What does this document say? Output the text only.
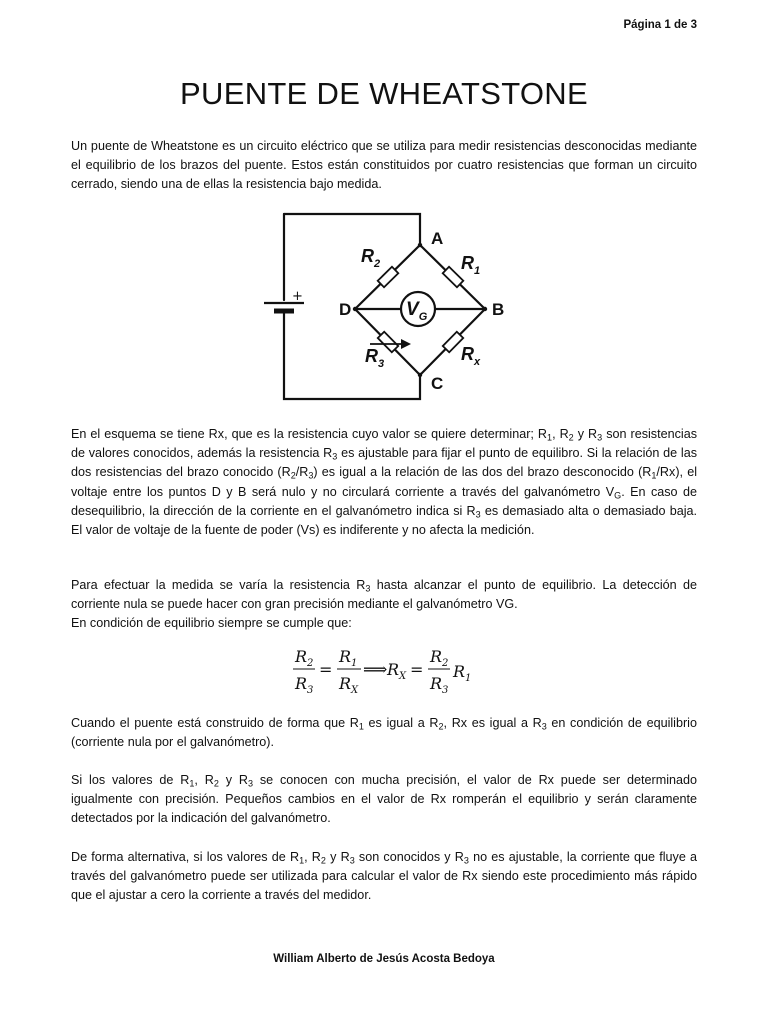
Página 1 de 3
PUENTE DE WHEATSTONE

Un puente de Wheatstone es un circuito eléctrico que se utiliza para medir resistencias desconocidas mediante el equilibrio de los brazos del puente. Estos están constituidos por cuatro resistencias que forman un circuito cerrado, siendo una de ellas la resistencia bajo medida.

+
$V_G$
A
B
C
D
$R_2$	$R_1$
$R_3$	$R_x$

En el esquema se tiene Rx, que es la resistencia cuyo valor se quiere determinar; $R_1$, $R_2$ y $R_3$ son resistencias de valores conocidos, además la resistencia $R_3$ es ajustable para fijar el punto de equilibro. Si la relación de las dos resistencias del brazo conocido $(R_2/R_3)$ es igual a la relación de las dos del brazo desconocido $(R_1/Rx)$, el voltaje entre los puntos D y B será nulo y no circulará corriente a través del galvanómetro $V_G$. En caso de desequilibrio, la dirección de la corriente en el galvanómetro indica si $R_3$ es demasiado alta o demasiado baja. El valor de voltaje de la fuente de poder (Vs) es indiferente y no afecta la medición.

Para efectuar la medida se varía la resistencia $R_3$ hasta alcanzar el punto de equilibrio. La detección de corriente nula se puede hacer con gran precisión mediante el galvanómetro VG.

En condición de equilibrio siempre se cumple que:

$R_2$
$R_3$
=
$R_1$
$R_X$
⟹ $R_X$ =
$R_2$
$R_3$
$R_1$

Cuando el puente está construido de forma que $R_1$ es igual a $R_2$, Rx es igual a $R_3$ en condición de equilibrio (corriente nula por el galvanómetro).

Si los valores de $R_1$, $R_2$ y $R_3$ se conocen con mucha precisión, el valor de Rx puede ser determinado igualmente con precisión. Pequeños cambios en el valor de Rx romperán el equilibrio y serán claramente detectados por la indicación del galvanómetro.

De forma alternativa, si los valores de $R_1$, $R_2$ y $R_3$ son conocidos y $R_3$ no es ajustable, la corriente que fluye a través del galvanómetro puede ser utilizada para calcular el valor de Rx siendo este procedimiento más rápido que el ajustar a cero la corriente a través del medidor.

William Alberto de Jesús Acosta Bedoya
